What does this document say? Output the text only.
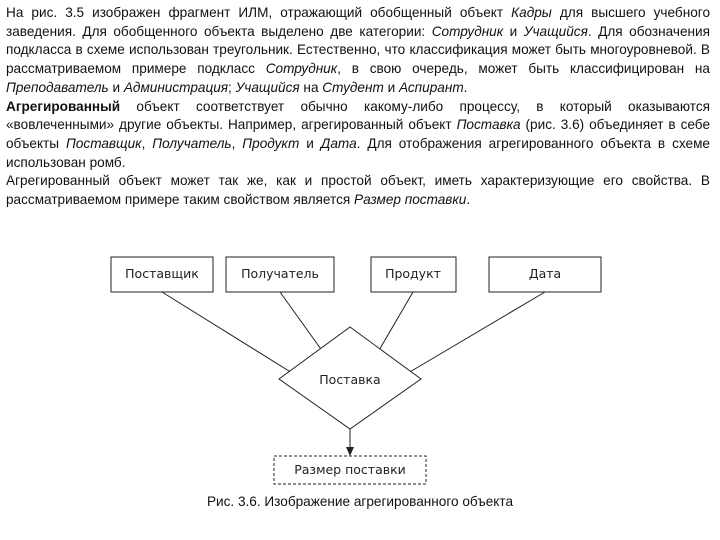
На рис. 3.5 изображен фрагмент ИЛМ, отражающий обобщенный объект Кадры для высшего учебного заведения. Для обобщенного объекта выделено две категории: Сотрудник и Учащийся. Для обозначения подкласса в схеме использован треугольник. Естественно, что классификация может быть многоуровневой. В рассматриваемом примере подкласс Сотрудник, в свою очередь, может быть классифицирован на Преподаватель и Администрация; Учащийся на Студент и Аспирант.

Агрегированный объект соответствует обычно какому-либо процессу, в который оказываются «вовлеченными» другие объекты. Например, агрегированный объект Поставка (рис. 3.6) объединяет в себе объекты Поставщик, Получатель, Продукт и Дата. Для отображения агрегированного объекта в схеме использован ромб.

Агрегированный объект может так же, как и простой объект, иметь характеризующие его свойства. В рассматриваемом примере таким свойством является Размер поставки.

Поставщик	Получатель	Продукт	Дата
Поставка
Размер поставки
Рис. 3.6. Изображение агрегированного объекта
